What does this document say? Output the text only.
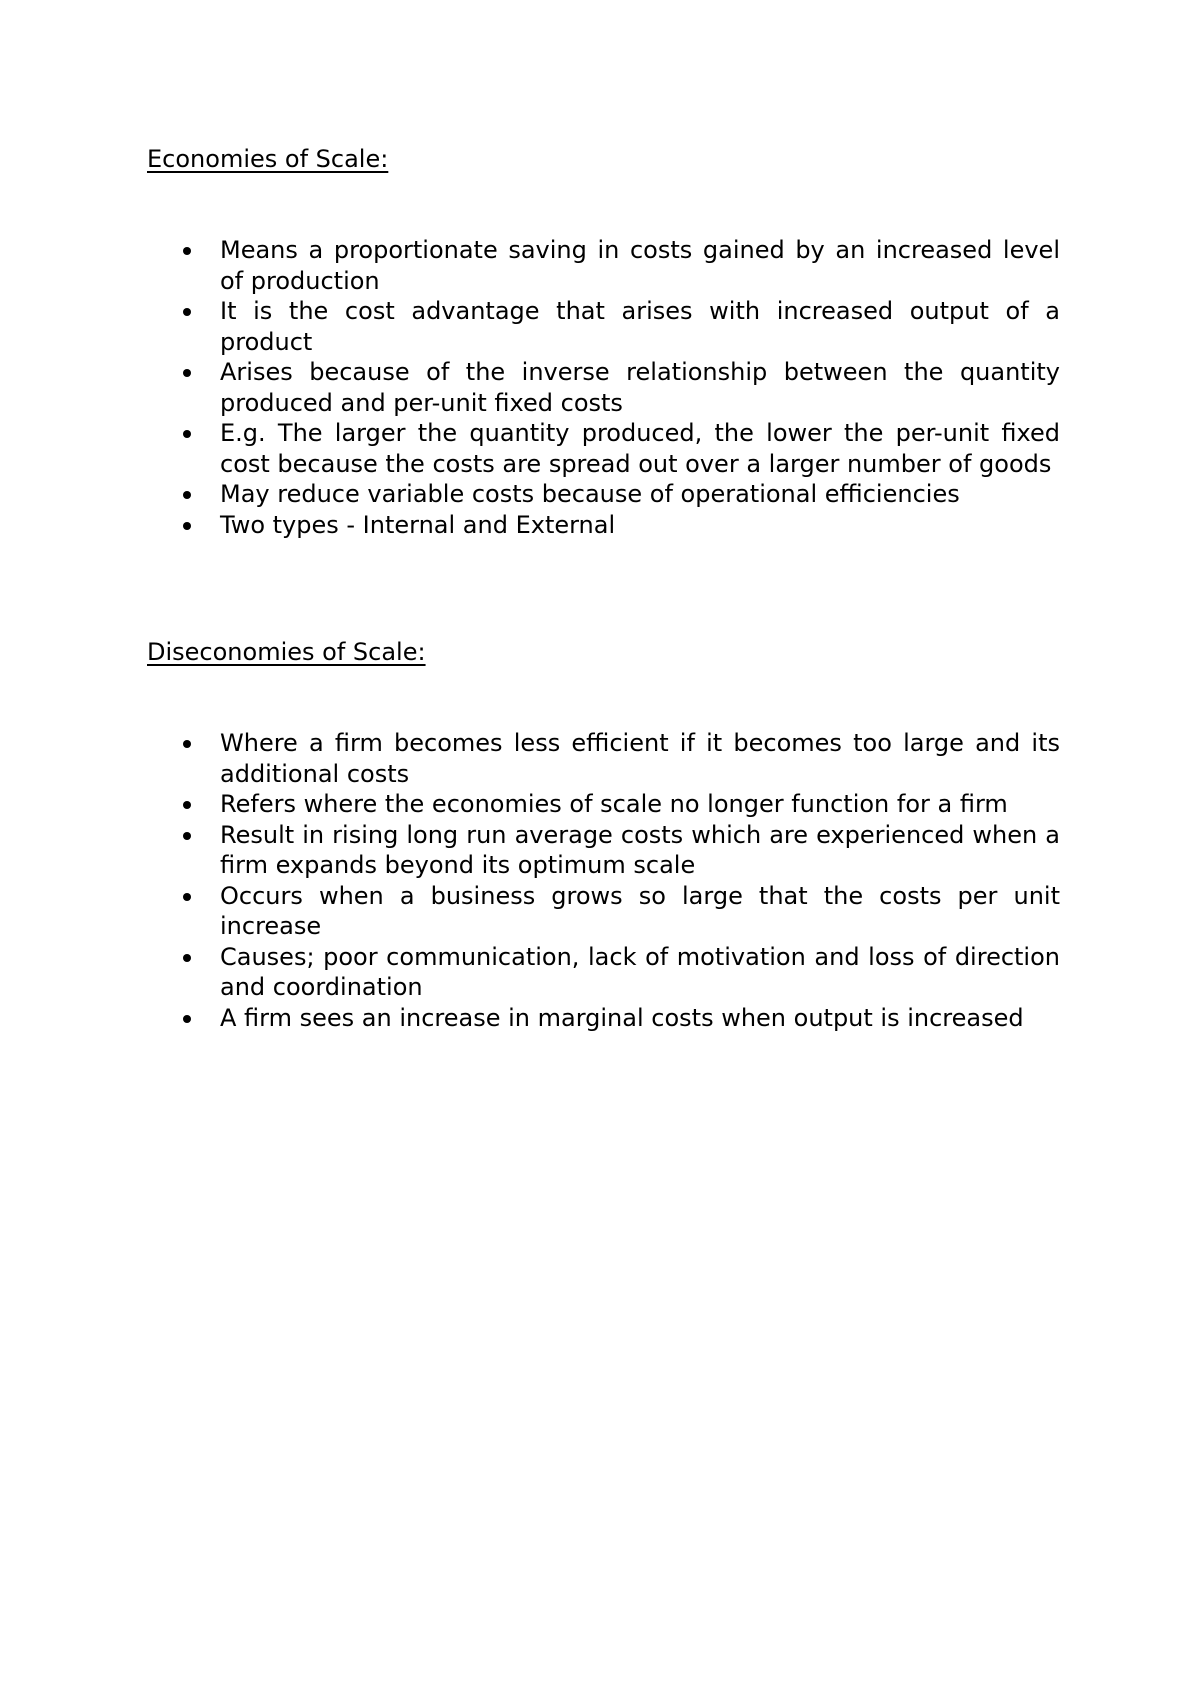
Economies of Scale:
Means a proportionate saving in costs gained by an increased level of production
It is the cost advantage that arises with increased output of a product
Arises because of the inverse relationship between the quantity produced and per-unit fixed costs
E.g. The larger the quantity produced, the lower the per-unit fixed cost because the costs are spread out over a larger number of goods
May reduce variable costs because of operational efficiencies
Two types - Internal and External
Diseconomies of Scale:
Where a firm becomes less efficient if it becomes too large and its additional costs
Refers where the economies of scale no longer function for a firm
Result in rising long run average costs which are experienced when a firm expands beyond its optimum scale
Occurs when a business grows so large that the costs per unit increase
Causes; poor communication, lack of motivation and loss of direction and coordination
A firm sees an increase in marginal costs when output is increased
